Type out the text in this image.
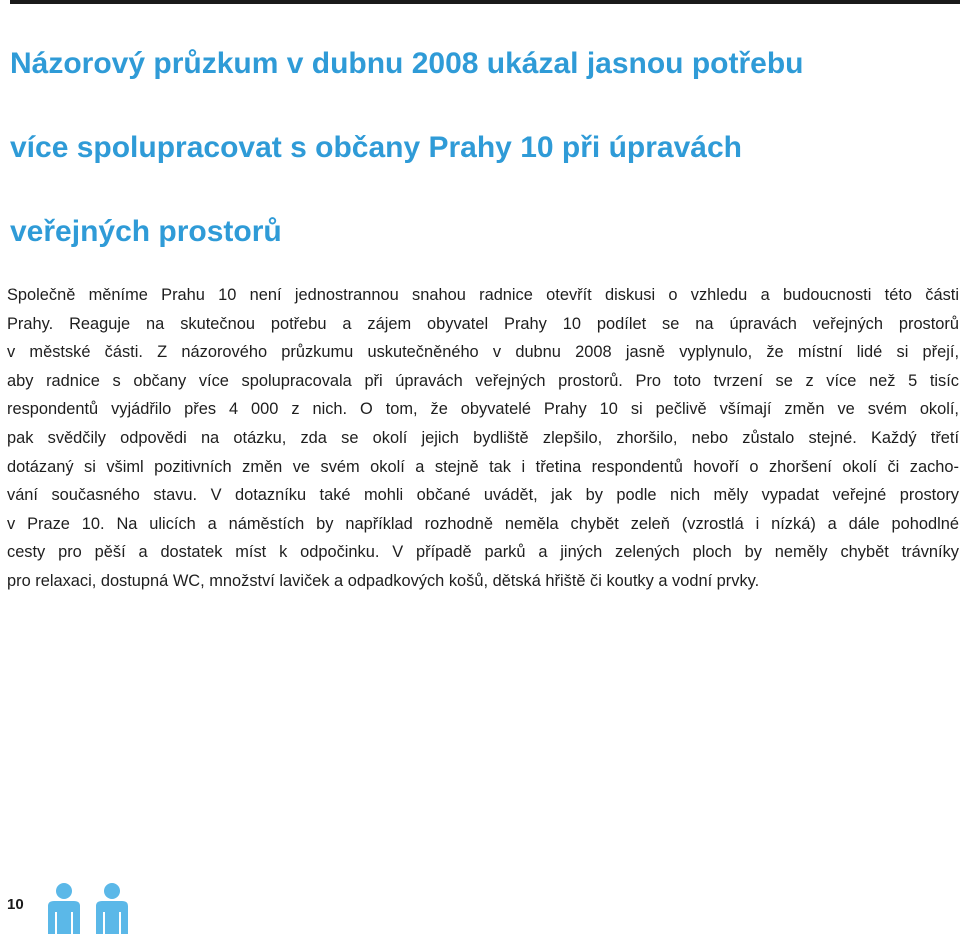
Názorový průzkum v dubnu 2008 ukázal jasnou potřebu
více spolupracovat s občany Prahy 10 při úpravách
veřejných prostorů

Společně měníme Prahu 10 není jednostrannou snahou radnice otevřít diskusi o vzhledu a budoucnosti této části
Prahy. Reaguje na skutečnou potřebu a zájem obyvatel Prahy 10 podílet se na úpravách veřejných prostorů
v městské části. Z názorového průzkumu uskutečněného v dubnu 2008 jasně vyplynulo, že místní lidé si přejí,
aby radnice s občany více spolupracovala při úpravách veřejných prostorů. Pro toto tvrzení se z více než 5 tisíc
respondentů vyjádřilo přes 4 000 z nich. O tom, že obyvatelé Prahy 10 si pečlivě všímají změn ve svém okolí,
pak svědčily odpovědi na otázku, zda se okolí jejich bydliště zlepšilo, zhoršilo, nebo zůstalo stejné. Každý třetí
dotázaný si všiml pozitivních změn ve svém okolí a stejně tak i třetina respondentů hovoří o zhoršení okolí či zacho-
vání současného stavu. V dotazníku také mohli občané uvádět, jak by podle nich měly vypadat veřejné prostory
v Praze 10. Na ulicích a náměstích by například rozhodně neměla chybět zeleň (vzrostlá i nízká) a dále pohodlné
cesty pro pěší a dostatek míst k odpočinku. V případě parků a jiných zelených ploch by neměly chybět trávníky
pro relaxaci, dostupná WC, množství laviček a odpadkových košů, dětská hřiště či koutky a vodní prvky.

10
